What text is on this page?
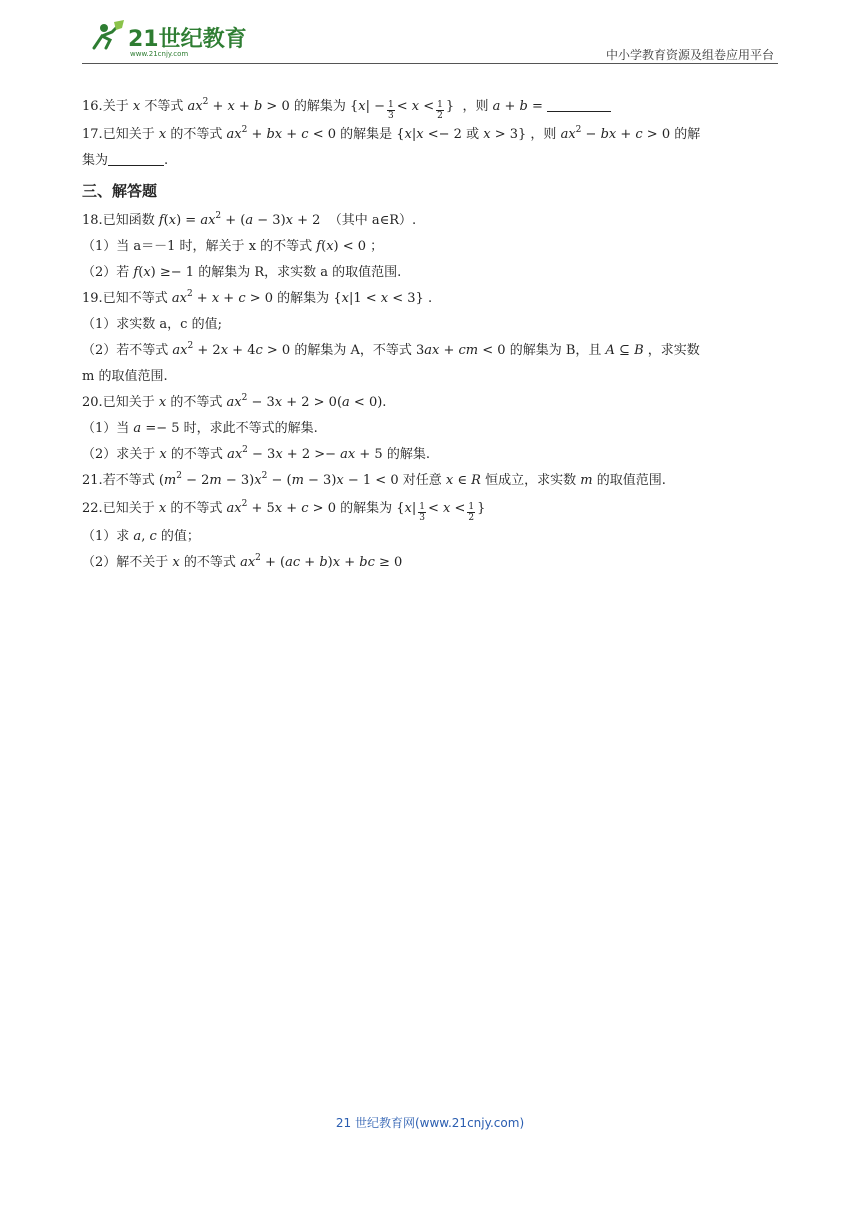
21世纪教育
www.21cnjy.com	中小学教育资源及组卷应用平台
16.关于 x 不等式 $ax^2 + x + b > 0$ 的解集为 {$x| - \frac{1}{3} < x < \frac{1}{2}$ }  ，则 a + b =
17.已知关于 x 的不等式 $ax^2$ + bx + c < 0 的解集是 {x|x <− 2 或 x > 3} ，则 $ax^2$ − bx + c > 0 的解
集为	.
三、解答题
18.已知函数 $f(x) = ax^2 + (a - 3)x + 2$  （其中 a∈R）.
（1）当 a＝－1 时，解关于 x 的不等式 f(x) < 0 ；
（2）若 f(x) ≥− 1 的解集为 R，求实数 a 的取值范围.
19.已知不等式 $ax^2 + x + c > 0$ 的解集为 {x|1 < x < 3} .
（1）求实数 a，c 的值;
（2）若不等式 $ax^2 + 2x + 4c > 0$ 的解集为 A，不等式 3ax + cm < 0 的解集为 B，且 A ⊆ B ，求实数
m 的取值范围.
20.已知关于 x 的不等式 $ax^2 - 3x + 2 > 0(a < 0)$.
（1）当 a =− 5 时，求此不等式的解集.
（2）求关于 x 的不等式 $ax^2 - 3x + 2$ >− ax + 5 的解集.
21.若不等式 $(m^2 - 2m - 3)x^2 - (m - 3)x - 1 < 0$ 对任意 x ∈ R 恒成立，求实数 m 的取值范围.
22.已知关于 x 的不等式 $ax^2 + 5x + c > 0$ 的解集为 {$x| \frac{1}{3} < x < \frac{1}{2}$ }
（1）求 a, c 的值；
（2）解不关于 x 的不等式 $ax^2 + (ac + b)x$ + bc ≥ 0
21 世纪教育网(www.21cnjy.com)
